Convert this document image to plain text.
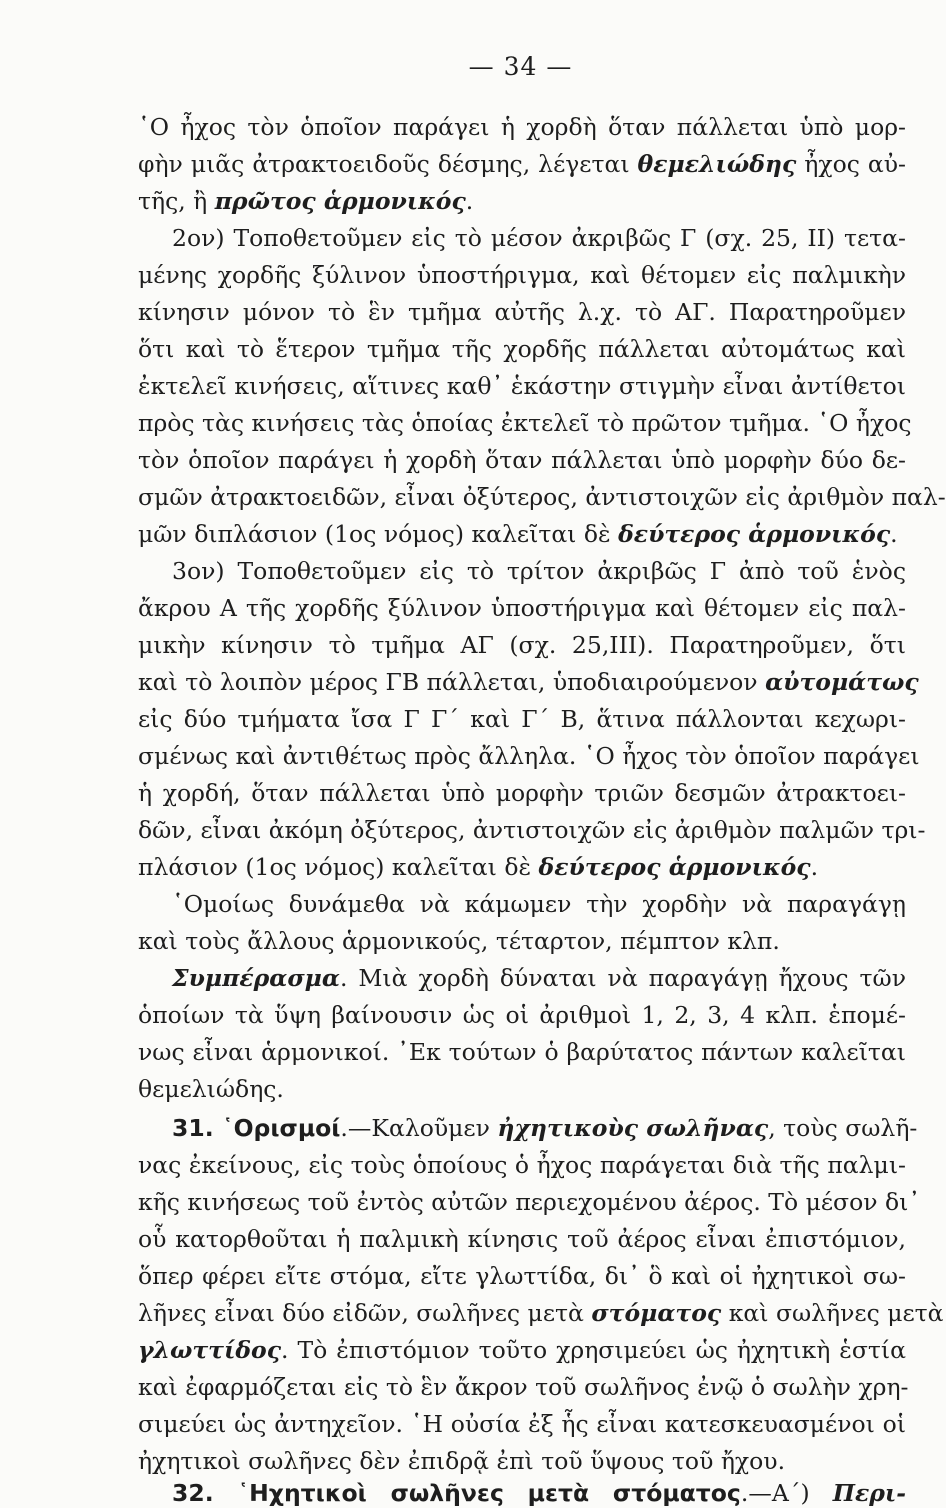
— 34 —
῾Ο ἦχος τὸν ὁποῖον παράγει ἡ χορδὴ ὅταν πάλλεται ὑπὸ μορ-
φὴν μιᾶς ἀτρακτοειδοῦς δέσμης, λέγεται θεμελιώδης ἦχος αὐ-
τῆς, ἢ πρῶτος ἁρμονικός.
2ον) Τοποθετοῦμεν εἰς τὸ μέσον ἀκριβῶς Γ (σχ. 25, ΙΙ) τετα-
μένης χορδῆς ξύλινον ὑποστήριγμα, καὶ θέτομεν εἰς παλμικὴν
κίνησιν μόνον τὸ ἓν τμῆμα αὐτῆς λ.χ. τὸ ΑΓ. Παρατηροῦμεν
ὅτι καὶ τὸ ἕτερον τμῆμα τῆς χορδῆς πάλλεται αὐτομάτως καὶ
ἐκτελεῖ κινήσεις, αἵτινες καθ᾿ ἑκάστην στιγμὴν εἶναι ἀντίθετοι
πρὸς τὰς κινήσεις τὰς ὁποίας ἐκτελεῖ τὸ πρῶτον τμῆμα. ῾Ο ἦχος
τὸν ὁποῖον παράγει ἡ χορδὴ ὅταν πάλλεται ὑπὸ μορφὴν δύο δε-
σμῶν ἀτρακτοειδῶν, εἶναι ὀξύτερος, ἀντιστοιχῶν εἰς ἀριθμὸν παλ-
μῶν διπλάσιον (1ος νόμος) καλεῖται δὲ δεύτερος ἁρμονικός.
3ον) Τοποθετοῦμεν εἰς τὸ τρίτον ἀκριβῶς Γ ἀπὸ τοῦ ἑνὸς
ἄκρου Α τῆς χορδῆς ξύλινον ὑποστήριγμα καὶ θέτομεν εἰς παλ-
μικὴν κίνησιν τὸ τμῆμα ΑΓ (σχ. 25,ΙΙΙ). Παρατηροῦμεν, ὅτι
καὶ τὸ λοιπὸν μέρος ΓΒ πάλλεται, ὑποδιαιρούμενον αὐτομάτως
εἰς δύο τμήματα ἴσα Γ Γ΄ καὶ Γ΄ Β, ἅτινα πάλλονται κεχωρι-
σμένως καὶ ἀντιθέτως πρὸς ἄλληλα. ῾Ο ἦχος τὸν ὁποῖον παράγει
ἡ χορδή, ὅταν πάλλεται ὑπὸ μορφὴν τριῶν δεσμῶν ἀτρακτοει-
δῶν, εἶναι ἀκόμη ὀξύτερος, ἀντιστοιχῶν εἰς ἀριθμὸν παλμῶν τρι-
πλάσιον (1ος νόμος) καλεῖται δὲ δεύτερος ἁρμονικός.
῾Ομοίως δυνάμεθα νὰ κάμωμεν τὴν χορδὴν νὰ παραγάγῃ
καὶ τοὺς ἄλλους ἁρμονικούς, τέταρτον, πέμπτον κλπ.
Συμπέρασμα. Μιὰ χορδὴ δύναται νὰ παραγάγῃ ἤχους τῶν
ὁποίων τὰ ὕψη βαίνουσιν ὡς οἱ ἀριθμοὶ 1, 2, 3, 4 κλπ. ἑπομέ-
νως εἶναι ἁρμονικοί. ᾽Εκ τούτων ὁ βαρύτατος πάντων καλεῖται
θεμελιώδης.
31. ῾Ορισμοί.—Καλοῦμεν ἠχητικοὺς σωλῆνας, τοὺς σωλῆ-
νας ἐκείνους, εἰς τοὺς ὁποίους ὁ ἦχος παράγεται διὰ τῆς παλμι-
κῆς κινήσεως τοῦ ἐντὸς αὐτῶν περιεχομένου ἀέρος. Τὸ μέσον δι᾿
οὗ κατορθοῦται ἡ παλμικὴ κίνησις τοῦ ἀέρος εἶναι ἐπιστόμιον,
ὅπερ φέρει εἴτε στόμα, εἴτε γλωττίδα, δι᾿ ὃ καὶ οἱ ἠχητικοὶ σω-
λῆνες εἶναι δύο εἰδῶν, σωλῆνες μετὰ στόματος καὶ σωλῆνες μετὰ
γλωττίδος. Τὸ ἐπιστόμιον τοῦτο χρησιμεύει ὡς ἠχητικὴ ἑστία
καὶ ἐφαρμόζεται εἰς τὸ ἓν ἄκρον τοῦ σωλῆνος ἐνῷ ὁ σωλὴν χρη-
σιμεύει ὡς ἀντηχεῖον. ῾Η οὐσία ἐξ ἧς εἶναι κατεσκευασμένοι οἱ
ἠχητικοὶ σωλῆνες δὲν ἐπιδρᾷ ἐπὶ τοῦ ὕψους τοῦ ἤχου.
32. ῾Ηχητικοὶ σωλῆνες μετὰ στόματος.—Α΄) Περι-
